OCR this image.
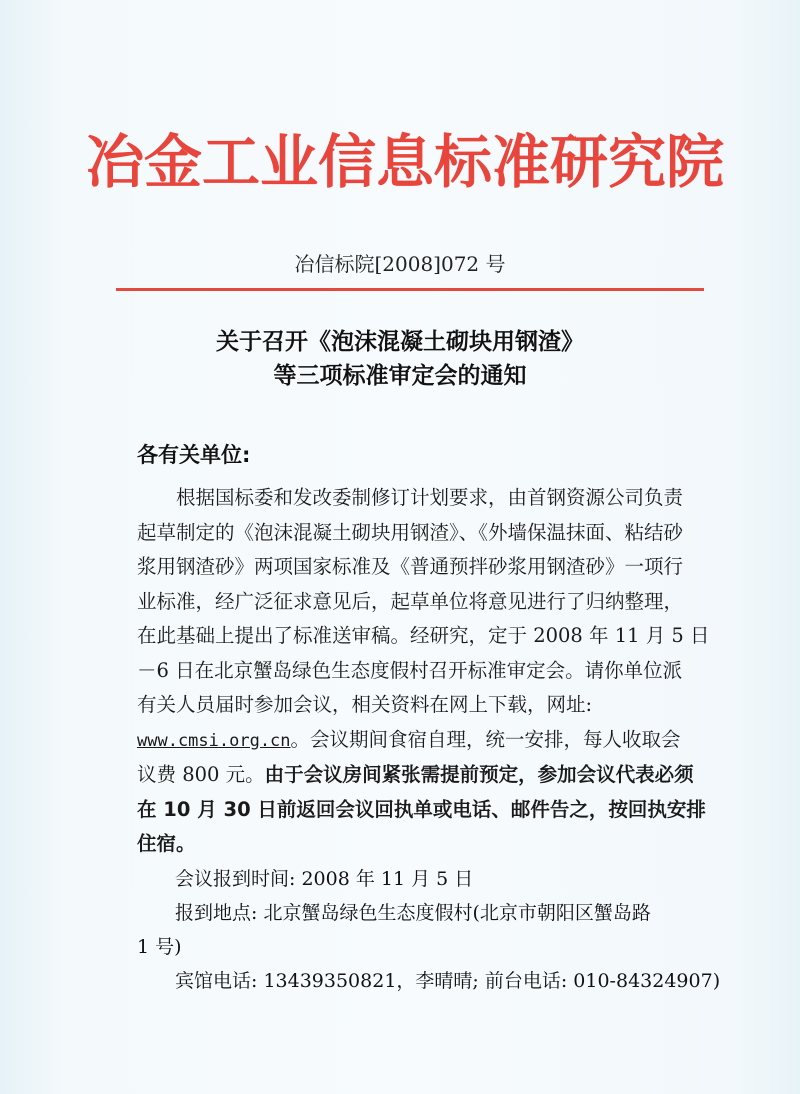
冶金工业信息标准研究院
冶信标院[2008]072 号
关于召开《泡沫混凝土砌块用钢渣》
等三项标准审定会的通知
各有关单位:
根据国标委和发改委制修订计划要求，由首钢资源公司负责
起草制定的《泡沫混凝土砌块用钢渣》、《外墙保温抹面、粘结砂
浆用钢渣砂》两项国家标准及《普通预拌砂浆用钢渣砂》一项行
业标准，经广泛征求意见后，起草单位将意见进行了归纳整理，
在此基础上提出了标准送审稿。经研究，定于 2008 年 11 月 5 日
－6 日在北京蟹岛绿色生态度假村召开标准审定会。请你单位派
有关人员届时参加会议，相关资料在网上下载，网址:
www.cmsi.org.cn。会议期间食宿自理，统一安排，每人收取会
议费 800 元。由于会议房间紧张需提前预定，参加会议代表必须
在 10 月 30 日前返回会议回执单或电话、邮件告之，按回执安排
住宿。
会议报到时间: 2008 年 11 月 5 日
报到地点: 北京蟹岛绿色生态度假村(北京市朝阳区蟹岛路
1 号)
宾馆电话: 13439350821，李晴晴; 前台电话: 010-84324907)
